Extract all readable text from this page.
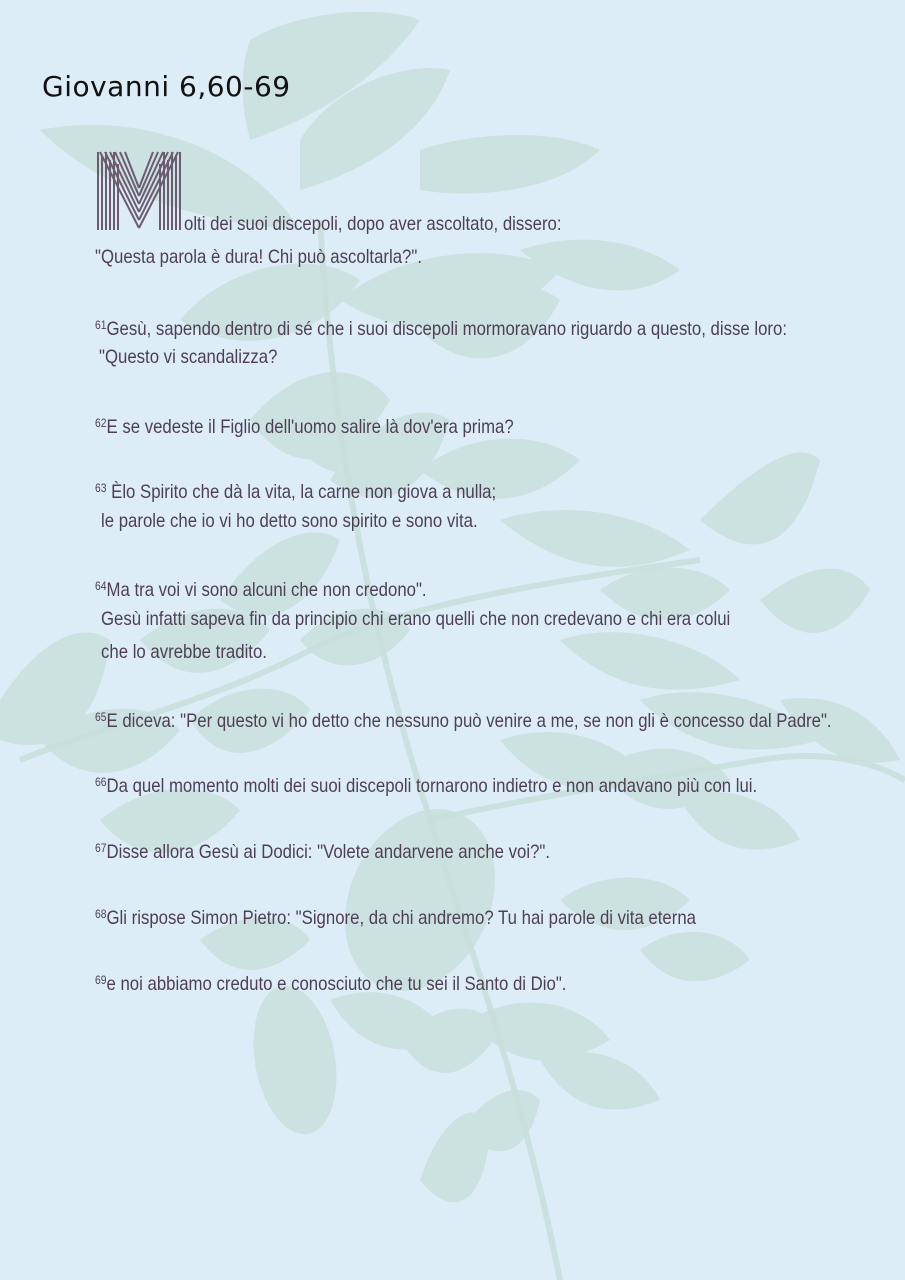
Giovanni 6,60-69
M
olti dei suoi discepoli, dopo aver ascoltato, dissero:
"Questa parola è dura! Chi può ascoltarla?".
$^{61}$Gesù, sapendo dentro di sé che i suoi discepoli mormoravano riguardo a questo, disse loro:
"Questo vi scandalizza?
$^{62}$E se vedeste il Figlio dell'uomo salire là dov'era prima?
$^{63}$ Èlo Spirito che dà la vita, la carne non giova a nulla;
le parole che io vi ho detto sono spirito e sono vita.
$^{64}$Ma tra voi vi sono alcuni che non credono".
Gesù infatti sapeva fin da principio chi erano quelli che non credevano e chi era colui
che lo avrebbe tradito.
$^{65}$E diceva: "Per questo vi ho detto che nessuno può venire a me, se non gli è concesso dal Padre".
$^{66}$Da quel momento molti dei suoi discepoli tornarono indietro e non andavano più con lui.
$^{67}$Disse allora Gesù ai Dodici: "Volete andarvene anche voi?".
$^{68}$Gli rispose Simon Pietro: "Signore, da chi andremo? Tu hai parole di vita eterna
$^{69}$e noi abbiamo creduto e conosciuto che tu sei il Santo di Dio".
